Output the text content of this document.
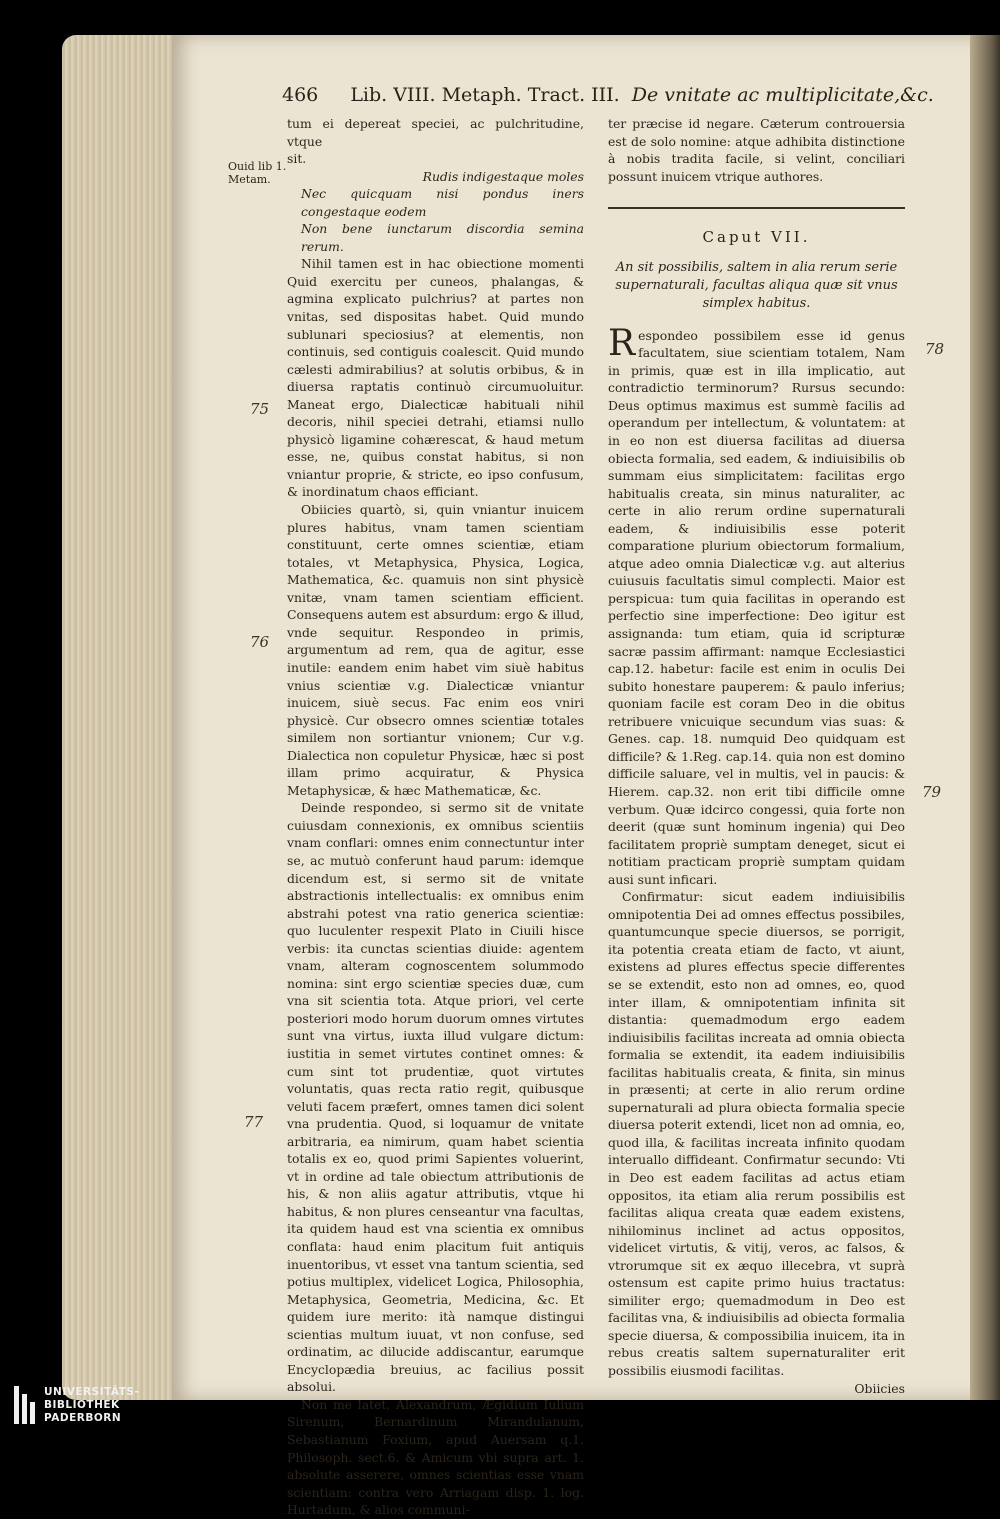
466 Lib. VIII. Metaph. Tract. III. De vnitate ac multiplicitate,&c.
Ouid lib 1.
Metam.
75
76
77
78
79

tum ei depereat speciei, ac pulchritudine, vtque

sit.

Rudis indigestaque moles

Nec quicquam nisi pondus iners congestaque eodem

Non bene iunctarum discordia semina rerum.

Nihil tamen est in hac obiectione momenti Quid exercitu per cuneos, phalangas, & agmina explicato pulchrius? at partes non vnitas, sed dispositas habet. Quid mundo sublunari speciosius? at elementis, non continuis, sed contiguis coalescit. Quid mundo cælesti admirabilius? at solutis orbibus, & in diuersa raptatis continuò circumuoluitur. Maneat ergo, Dialecticæ habituali nihil decoris, nihil speciei detrahi, etiamsi nullo physicò ligamine cohærescat, & haud metum esse, ne, quibus constat habitus, si non vniantur proprie, & stricte, eo ipso confusum, & inordinatum chaos efficiant.

Obiicies quartò, si, quin vniantur inuicem plures habitus, vnam tamen scientiam constituunt, certe omnes scientiæ, etiam totales, vt Metaphysica, Physica, Logica, Mathematica, &c. quamuis non sint physicè vnitæ, vnam tamen scientiam efficient. Consequens autem est absurdum: ergo & illud, vnde sequitur. Respondeo in primis, argumentum ad rem, qua de agitur, esse inutile: eandem enim habet vim siuè habitus vnius scientiæ v.g. Dialecticæ vniantur inuicem, siuè secus. Fac enim eos vniri physicè. Cur obsecro omnes scientiæ totales similem non sortiantur vnionem; Cur v.g. Dialectica non copuletur Physicæ, hæc si post illam primo acquiratur, & Physica Metaphysicæ, & hæc Mathematicæ, &c.

Deinde respondeo, si sermo sit de vnitate cuiusdam connexionis, ex omnibus scientiis vnam conflari: omnes enim connectuntur inter se, ac mutuò conferunt haud parum: idemque dicendum est, si sermo sit de vnitate abstractionis intellectualis: ex omnibus enim abstrahi potest vna ratio generica scientiæ: quo luculenter respexit Plato in Ciuili hisce verbis: ita cunctas scientias diuide: agentem vnam, alteram cognoscentem solummodo nomina: sint ergo scientiæ species duæ, cum vna sit scientia tota. Atque priori, vel certe posteriori modo horum duorum omnes virtutes sunt vna virtus, iuxta illud vulgare dictum: iustitia in semet virtutes continet omnes: & cum sint tot prudentiæ, quot virtutes voluntatis, quas recta ratio regit, quibusque veluti facem præfert, omnes tamen dici solent vna prudentia. Quod, si loquamur de vnitate arbitraria, ea nimirum, quam habet scientia totalis ex eo, quod primi Sapientes voluerint, vt in ordine ad tale obiectum attributionis de his, & non aliis agatur attributis, vtque hi habitus, & non plures censeantur vna facultas, ita quidem haud est vna scientia ex omnibus conflata: haud enim placitum fuit antiquis inuentoribus, vt esset vna tantum scientia, sed potius multiplex, videlicet Logica, Philosophia, Metaphysica, Geometria, Medicina, &c. Et quidem iure merito: ità namque distingui scientias multum iuuat, vt non confuse, sed ordinatim, ac dilucide addiscantur, earumque Encyclopædia breuius, ac facilius possit absolui.

Non me latet, Alexandrum, Ægidium Iulium Sirenum, Bernardinum Mirandulanum, Sebastianum Foxium, apud Auersam q.1. Philosoph. sect.6. & Amicum vbi supra art. 1. absolute asserere, omnes scientias esse vnam scientiam: contra vero Arriagam disp. 1. log. Hurtadum, & alios communi-

ter præcise id negare. Cæterum controuersia est de solo nomine: atque adhibita distinctione à nobis tradita facile, si velint, conciliari possunt inuicem vtrique authores.

Caput VII.
An sit possibilis, saltem in alia rerum serie supernaturali, facultas aliqua quæ sit vnus simplex habitus.

Respondeo possibilem esse id genus facultatem, siue scientiam totalem, Nam in primis, quæ est in illa implicatio, aut contradictio terminorum? Rursus secundo: Deus optimus maximus est summè facilis ad operandum per intellectum, & voluntatem: at in eo non est diuersa facilitas ad diuersa obiecta formalia, sed eadem, & indiuisibilis ob summam eius simplicitatem: facilitas ergo habitualis creata, sin minus naturaliter, ac certe in alio rerum ordine supernaturali eadem, & indiuisibilis esse poterit comparatione plurium obiectorum formalium, atque adeo omnia Dialecticæ v.g. aut alterius cuiusuis facultatis simul complecti. Maior est perspicua: tum quia facilitas in operando est perfectio sine imperfectione: Deo igitur est assignanda: tum etiam, quia id scripturæ sacræ passim affirmant: namque Ecclesiastici cap.12. habetur: facile est enim in oculis Dei subito honestare pauperem: & paulo inferius; quoniam facile est coram Deo in die obitus retribuere vnicuique secundum vias suas: & Genes. cap. 18. numquid Deo quidquam est difficile? & 1.Reg. cap.14. quia non est domino difficile saluare, vel in multis, vel in paucis: & Hierem. cap.32. non erit tibi difficile omne verbum. Quæ idcirco congessi, quia forte non deerit (quæ sunt hominum ingenia) qui Deo facilitatem propriè sumptam deneget, sicut ei notitiam practicam propriè sumptam quidam ausi sunt inficari.

Confirmatur: sicut eadem indiuisibilis omnipotentia Dei ad omnes effectus possibiles, quantumcunque specie diuersos, se porrigit, ita potentia creata etiam de facto, vt aiunt, existens ad plures effectus specie differentes se se extendit, esto non ad omnes, eo, quod inter illam, & omnipotentiam infinita sit distantia: quemadmodum ergo eadem indiuisibilis facilitas increata ad omnia obiecta formalia se extendit, ita eadem indiuisibilis facilitas habitualis creata, & finita, sin minus in præsenti; at certe in alio rerum ordine supernaturali ad plura obiecta formalia specie diuersa poterit extendi, licet non ad omnia, eo, quod illa, & facilitas increata infinito quodam interuallo diffideant. Confirmatur secundo: Vti in Deo est eadem facilitas ad actus etiam oppositos, ita etiam alia rerum possibilis est facilitas aliqua creata quæ eadem existens, nihilominus inclinet ad actus oppositos, videlicet virtutis, & vitij, veros, ac falsos, & vtrorumque sit ex æquo illecebra, vt suprà ostensum est capite primo huius tractatus: similiter ergo; quemadmodum in Deo est facilitas vna, & indiuisibilis ad obiecta formalia specie diuersa, & compossibilia inuicem, ita in rebus creatis saltem supernaturaliter erit possibilis eiusmodi facilitas.

Obiicies

UNIVERSITÄTS-
BIBLIOTHEK
PADERBORN
